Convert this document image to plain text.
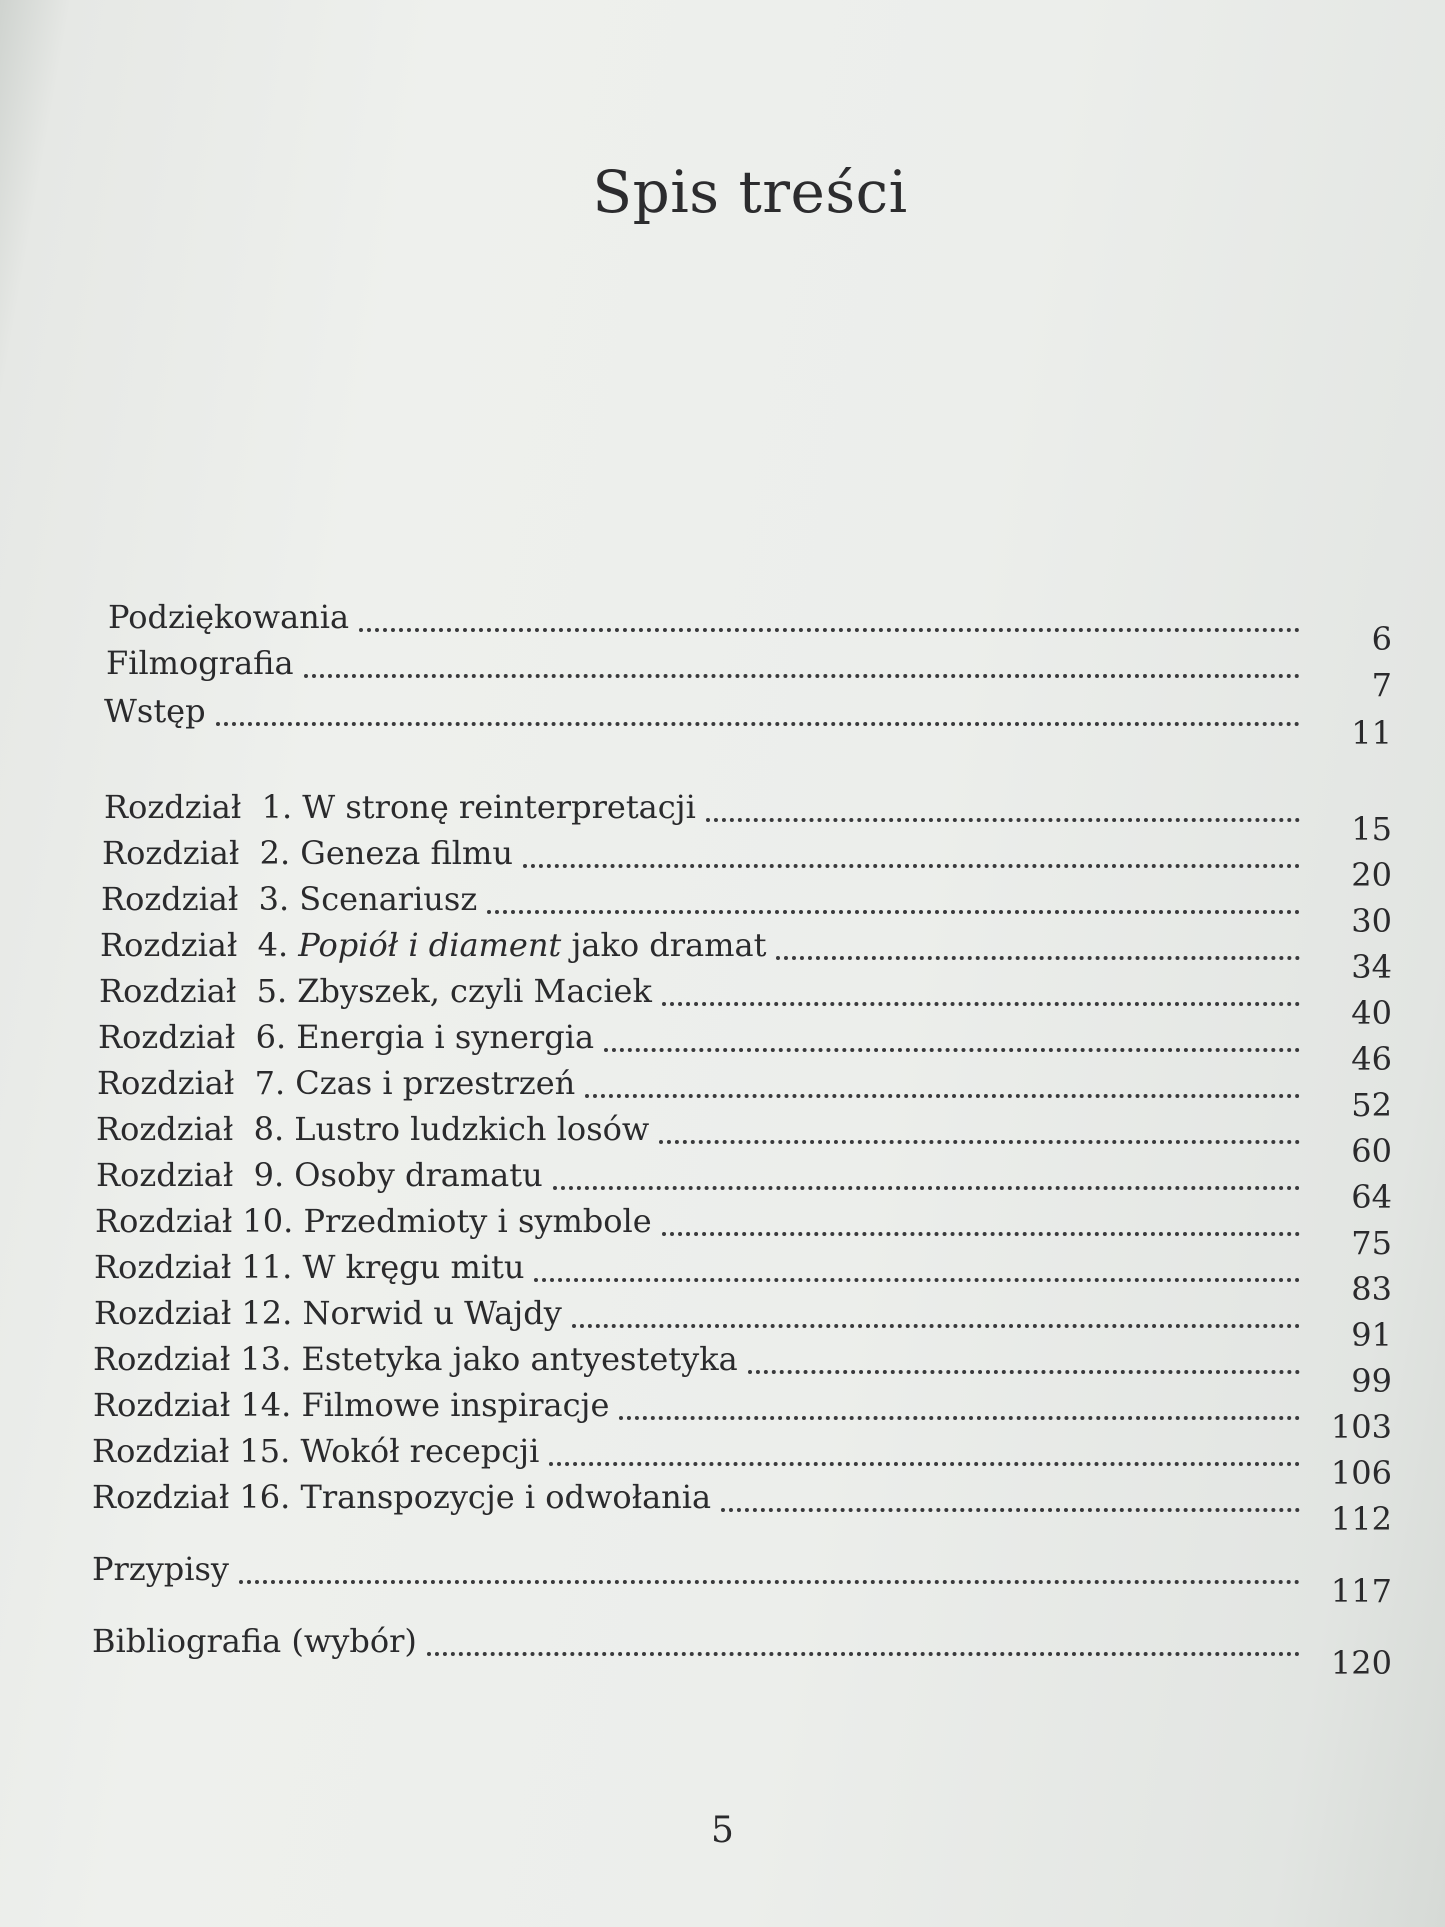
Spis treści
Podziękowania
6
Filmografia
7
Wstęp
11
Rozdział  1. W stronę reinterpretacji
15
Rozdział  2. Geneza filmu
20
Rozdział  3. Scenariusz
30
Rozdział  4. Popiół i diament jako dramat
34
Rozdział  5. Zbyszek, czyli Maciek
40
Rozdział  6. Energia i synergia
46
Rozdział  7. Czas i przestrzeń
52
Rozdział  8. Lustro ludzkich losów
60
Rozdział  9. Osoby dramatu
64
Rozdział 10. Przedmioty i symbole
75
Rozdział 11. W kręgu mitu
83
Rozdział 12. Norwid u Wajdy
91
Rozdział 13. Estetyka jako antyestetyka
99
Rozdział 14. Filmowe inspiracje
103
Rozdział 15. Wokół recepcji
106
Rozdział 16. Transpozycje i odwołania
112
Przypisy
117
Bibliografia (wybór)
120
5
